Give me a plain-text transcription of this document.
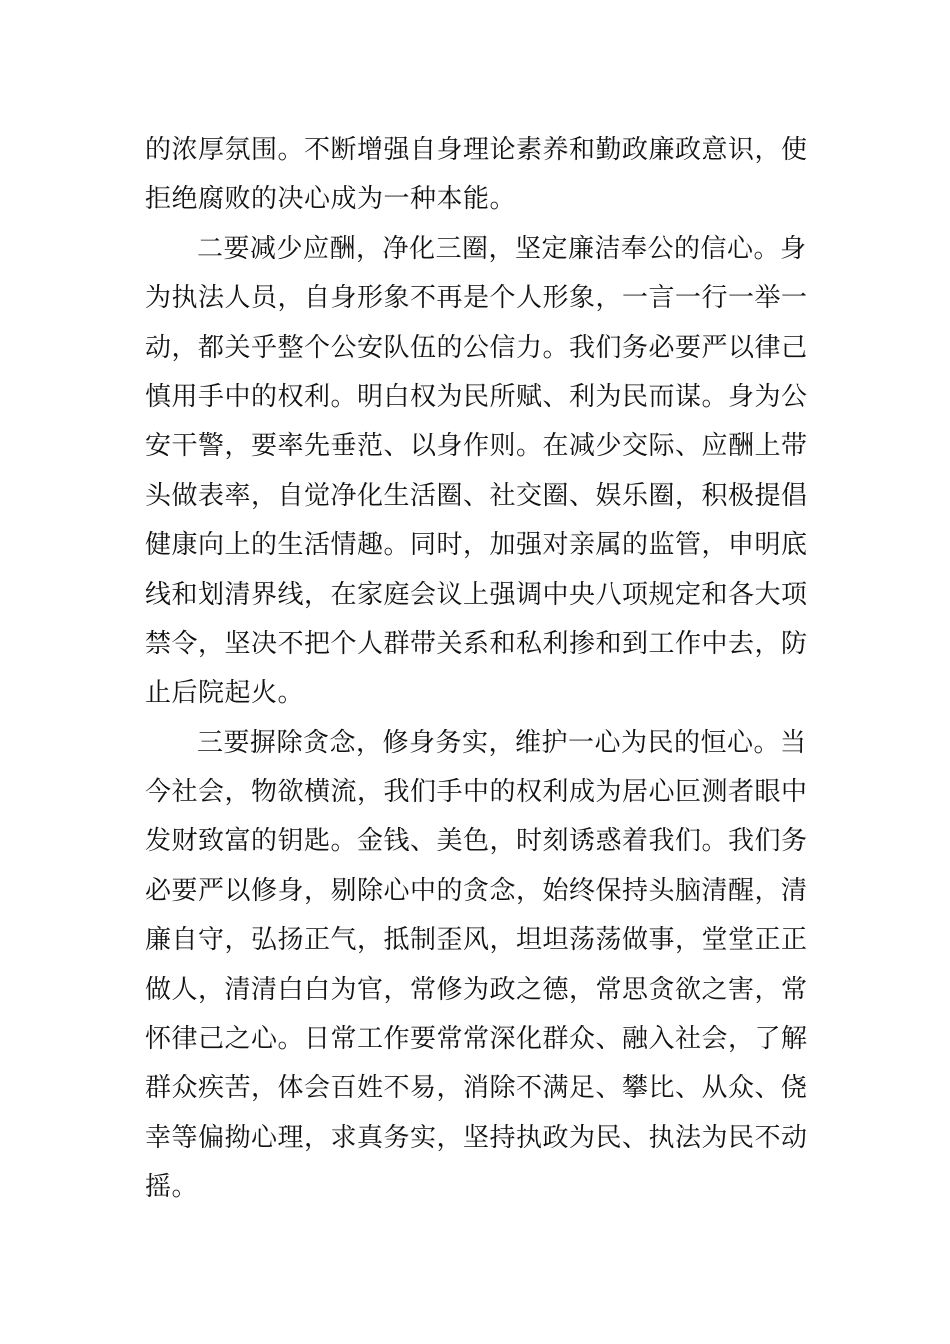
的浓厚氛围。不断增强自身理论素养和勤政廉政意识，使
拒绝腐败的决心成为一种本能。
二要减少应酬，净化三圈，坚定廉洁奉公的信心。身
为执法人员，自身形象不再是个人形象，一言一行一举一
动，都关乎整个公安队伍的公信力。我们务必要严以律己
慎用手中的权利。明白权为民所赋、利为民而谋。身为公
安干警，要率先垂范、以身作则。在减少交际、应酬上带
头做表率，自觉净化生活圈、社交圈、娱乐圈，积极提倡
健康向上的生活情趣。同时，加强对亲属的监管，申明底
线和划清界线，在家庭会议上强调中央八项规定和各大项
禁令，坚决不把个人群带关系和私利掺和到工作中去，防
止后院起火。
三要摒除贪念，修身务实，维护一心为民的恒心。当
今社会，物欲横流，我们手中的权利成为居心叵测者眼中
发财致富的钥匙。金钱、美色，时刻诱惑着我们。我们务
必要严以修身，剔除心中的贪念，始终保持头脑清醒，清
廉自守，弘扬正气，抵制歪风，坦坦荡荡做事，堂堂正正
做人，清清白白为官，常修为政之德，常思贪欲之害，常
怀律己之心。日常工作要常常深化群众、融入社会，了解
群众疾苦，体会百姓不易，消除不满足、攀比、从众、侥
幸等偏拗心理，求真务实，坚持执政为民、执法为民不动
摇。
